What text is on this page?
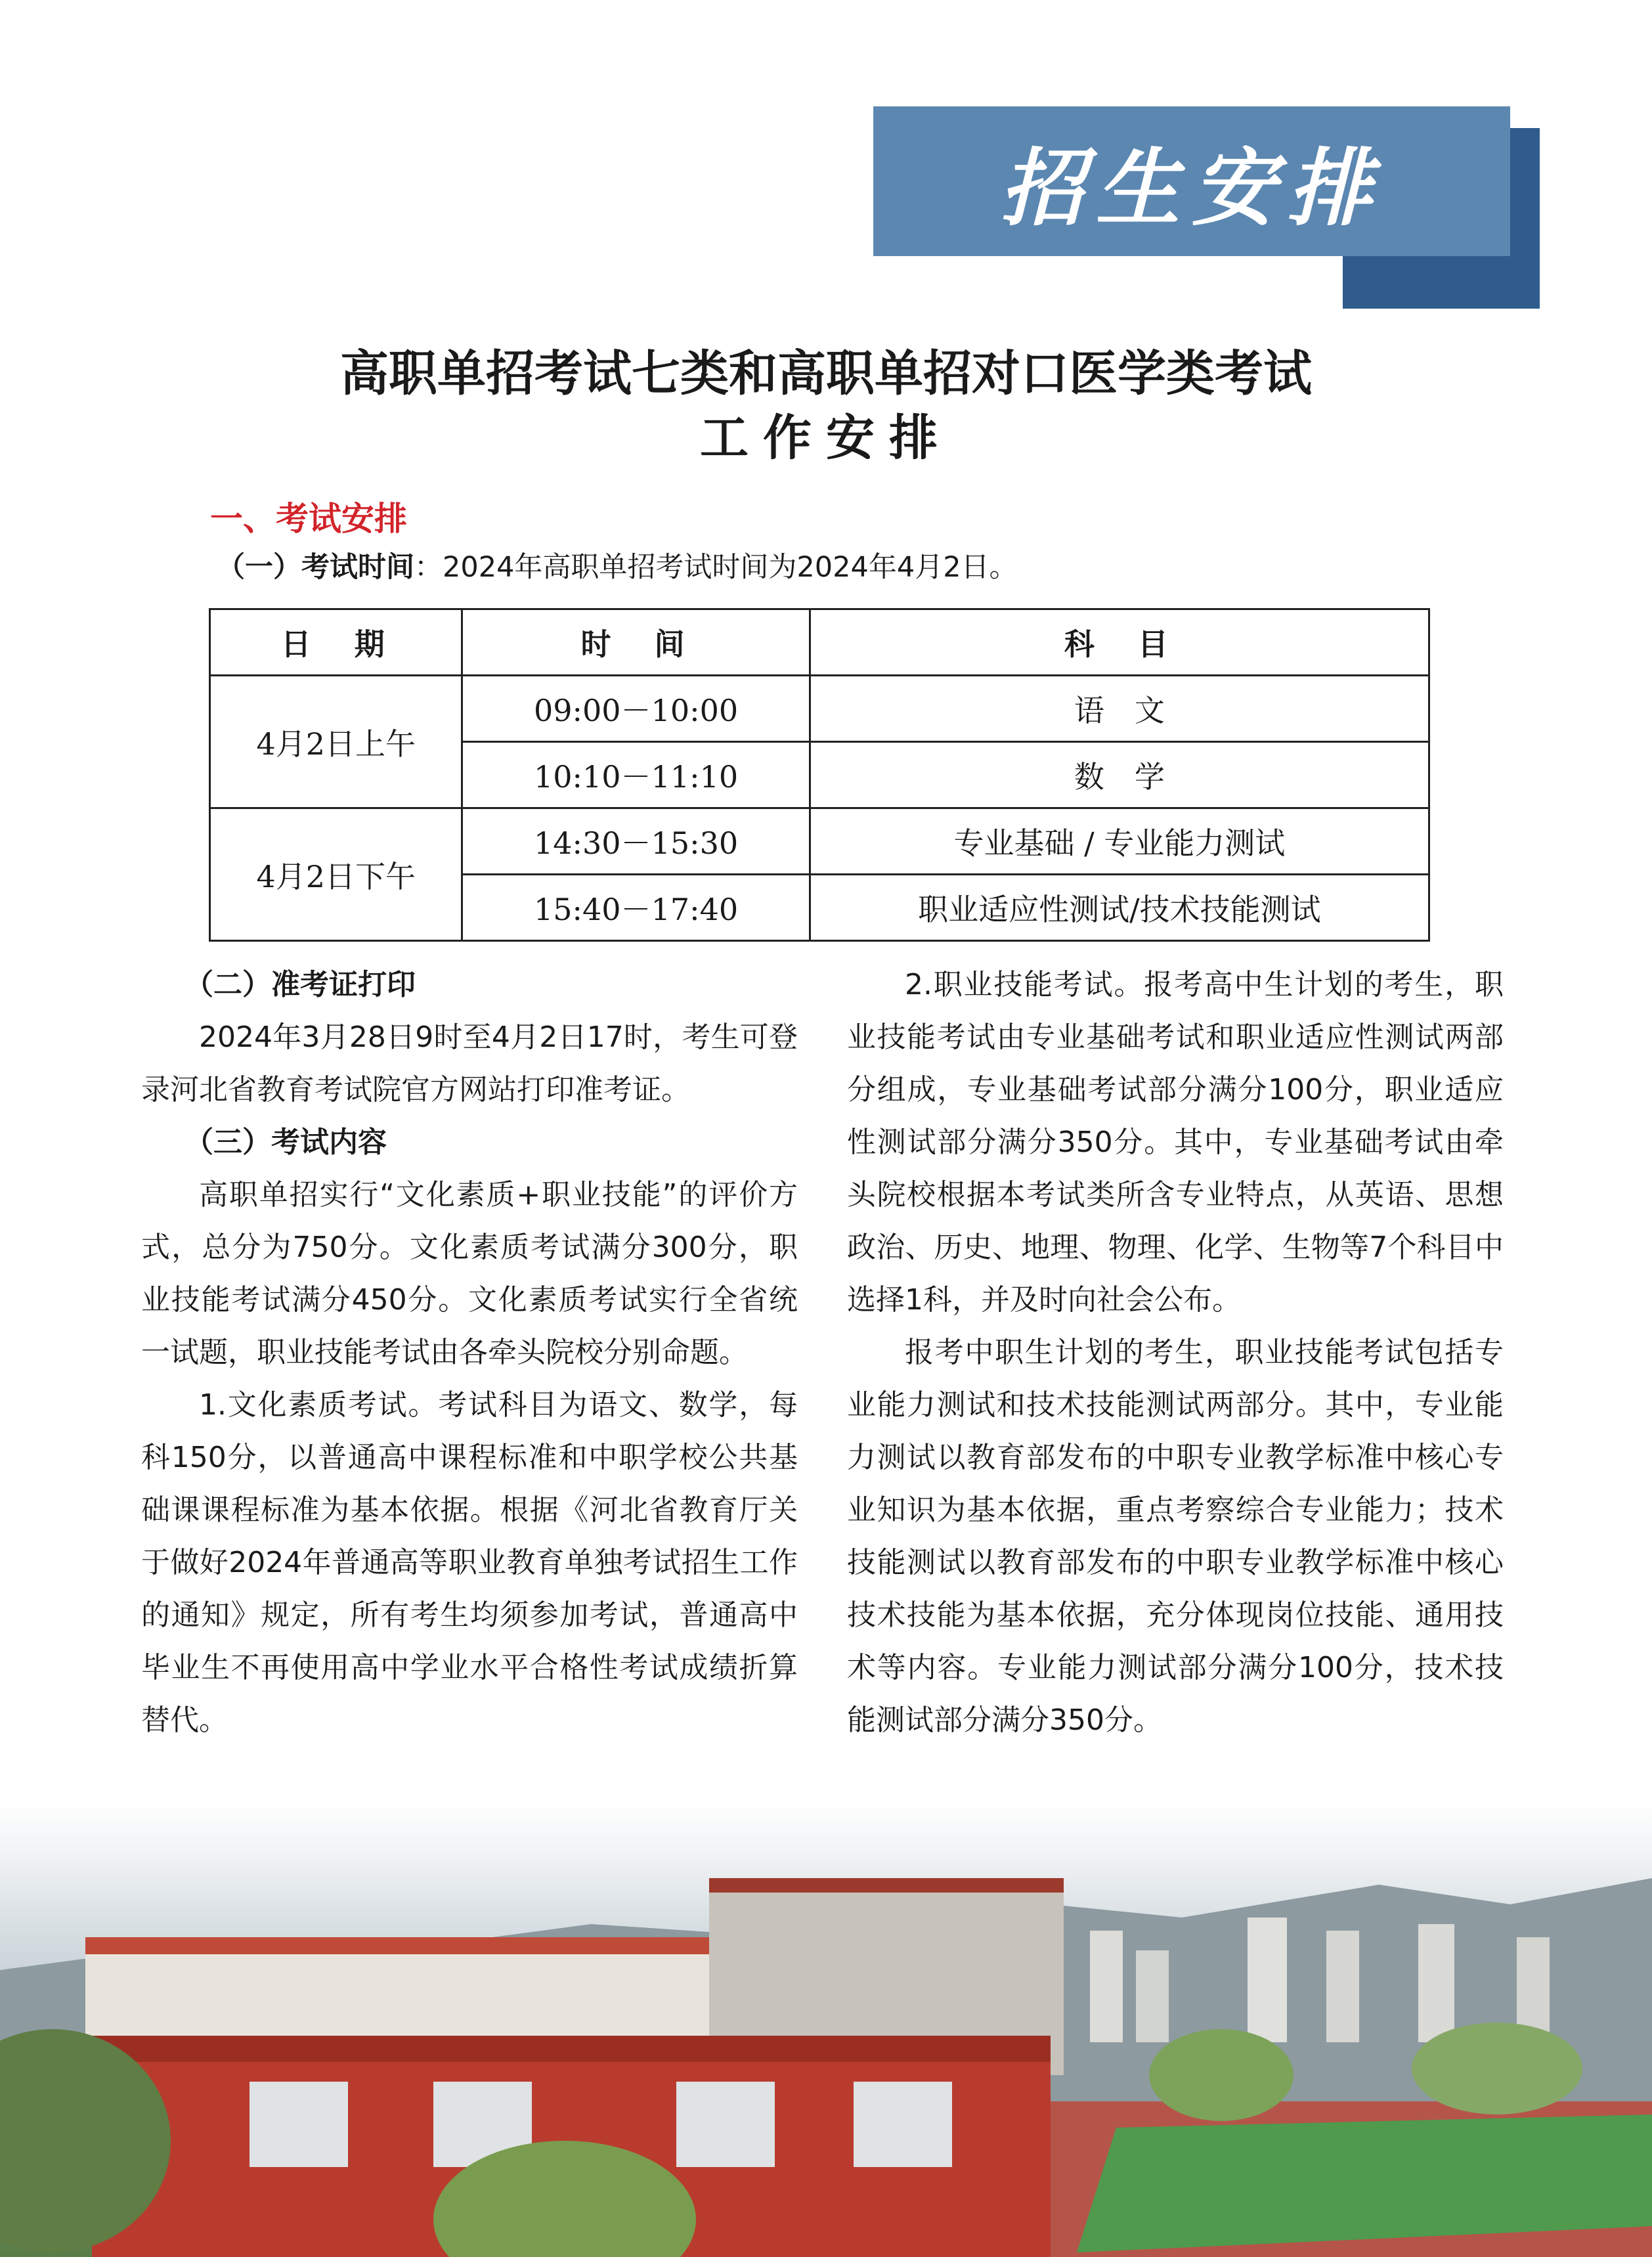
招生安排
高职单招考试七类和高职单招对口医学类考试
工作安排
一、考试安排
（一）考试时间：2024年高职单招考试时间为2024年4月2日。
日　期	时　间	科　目
4月2日上午	09:00－10:00	语　文
	10:10－11:10	数　学
4月2日下午	14:30－15:30	专业基础 / 专业能力测试
	15:40－17:40	职业适应性测试/技术技能测试

（二）准考证打印

2024年3月28日9时至4月2日17时，考生可登录河北省教育考试院官方网站打印准考证。

（三）考试内容

高职单招实行“文化素质+职业技能”的评价方式，总分为750分。文化素质考试满分300分，职业技能考试满分450分。文化素质考试实行全省统一试题，职业技能考试由各牵头院校分别命题。

1.文化素质考试。考试科目为语文、数学，每科150分，以普通高中课程标准和中职学校公共基础课课程标准为基本依据。根据《河北省教育厅关于做好2024年普通高等职业教育单独考试招生工作的通知》规定，所有考生均须参加考试，普通高中毕业生不再使用高中学业水平合格性考试成绩折算替代。

2.职业技能考试。报考高中生计划的考生，职业技能考试由专业基础考试和职业适应性测试两部分组成，专业基础考试部分满分100分，职业适应性测试部分满分350分。其中，专业基础考试由牵头院校根据本考试类所含专业特点，从英语、思想政治、历史、地理、物理、化学、生物等7个科目中选择1科，并及时向社会公布。

报考中职生计划的考生，职业技能考试包括专业能力测试和技术技能测试两部分。其中，专业能力测试以教育部发布的中职专业教学标准中核心专业知识为基本依据，重点考察综合专业能力；技术技能测试以教育部发布的中职专业教学标准中核心技术技能为基本依据，充分体现岗位技能、通用技术等内容。专业能力测试部分满分100分，技术技能测试部分满分350分。
